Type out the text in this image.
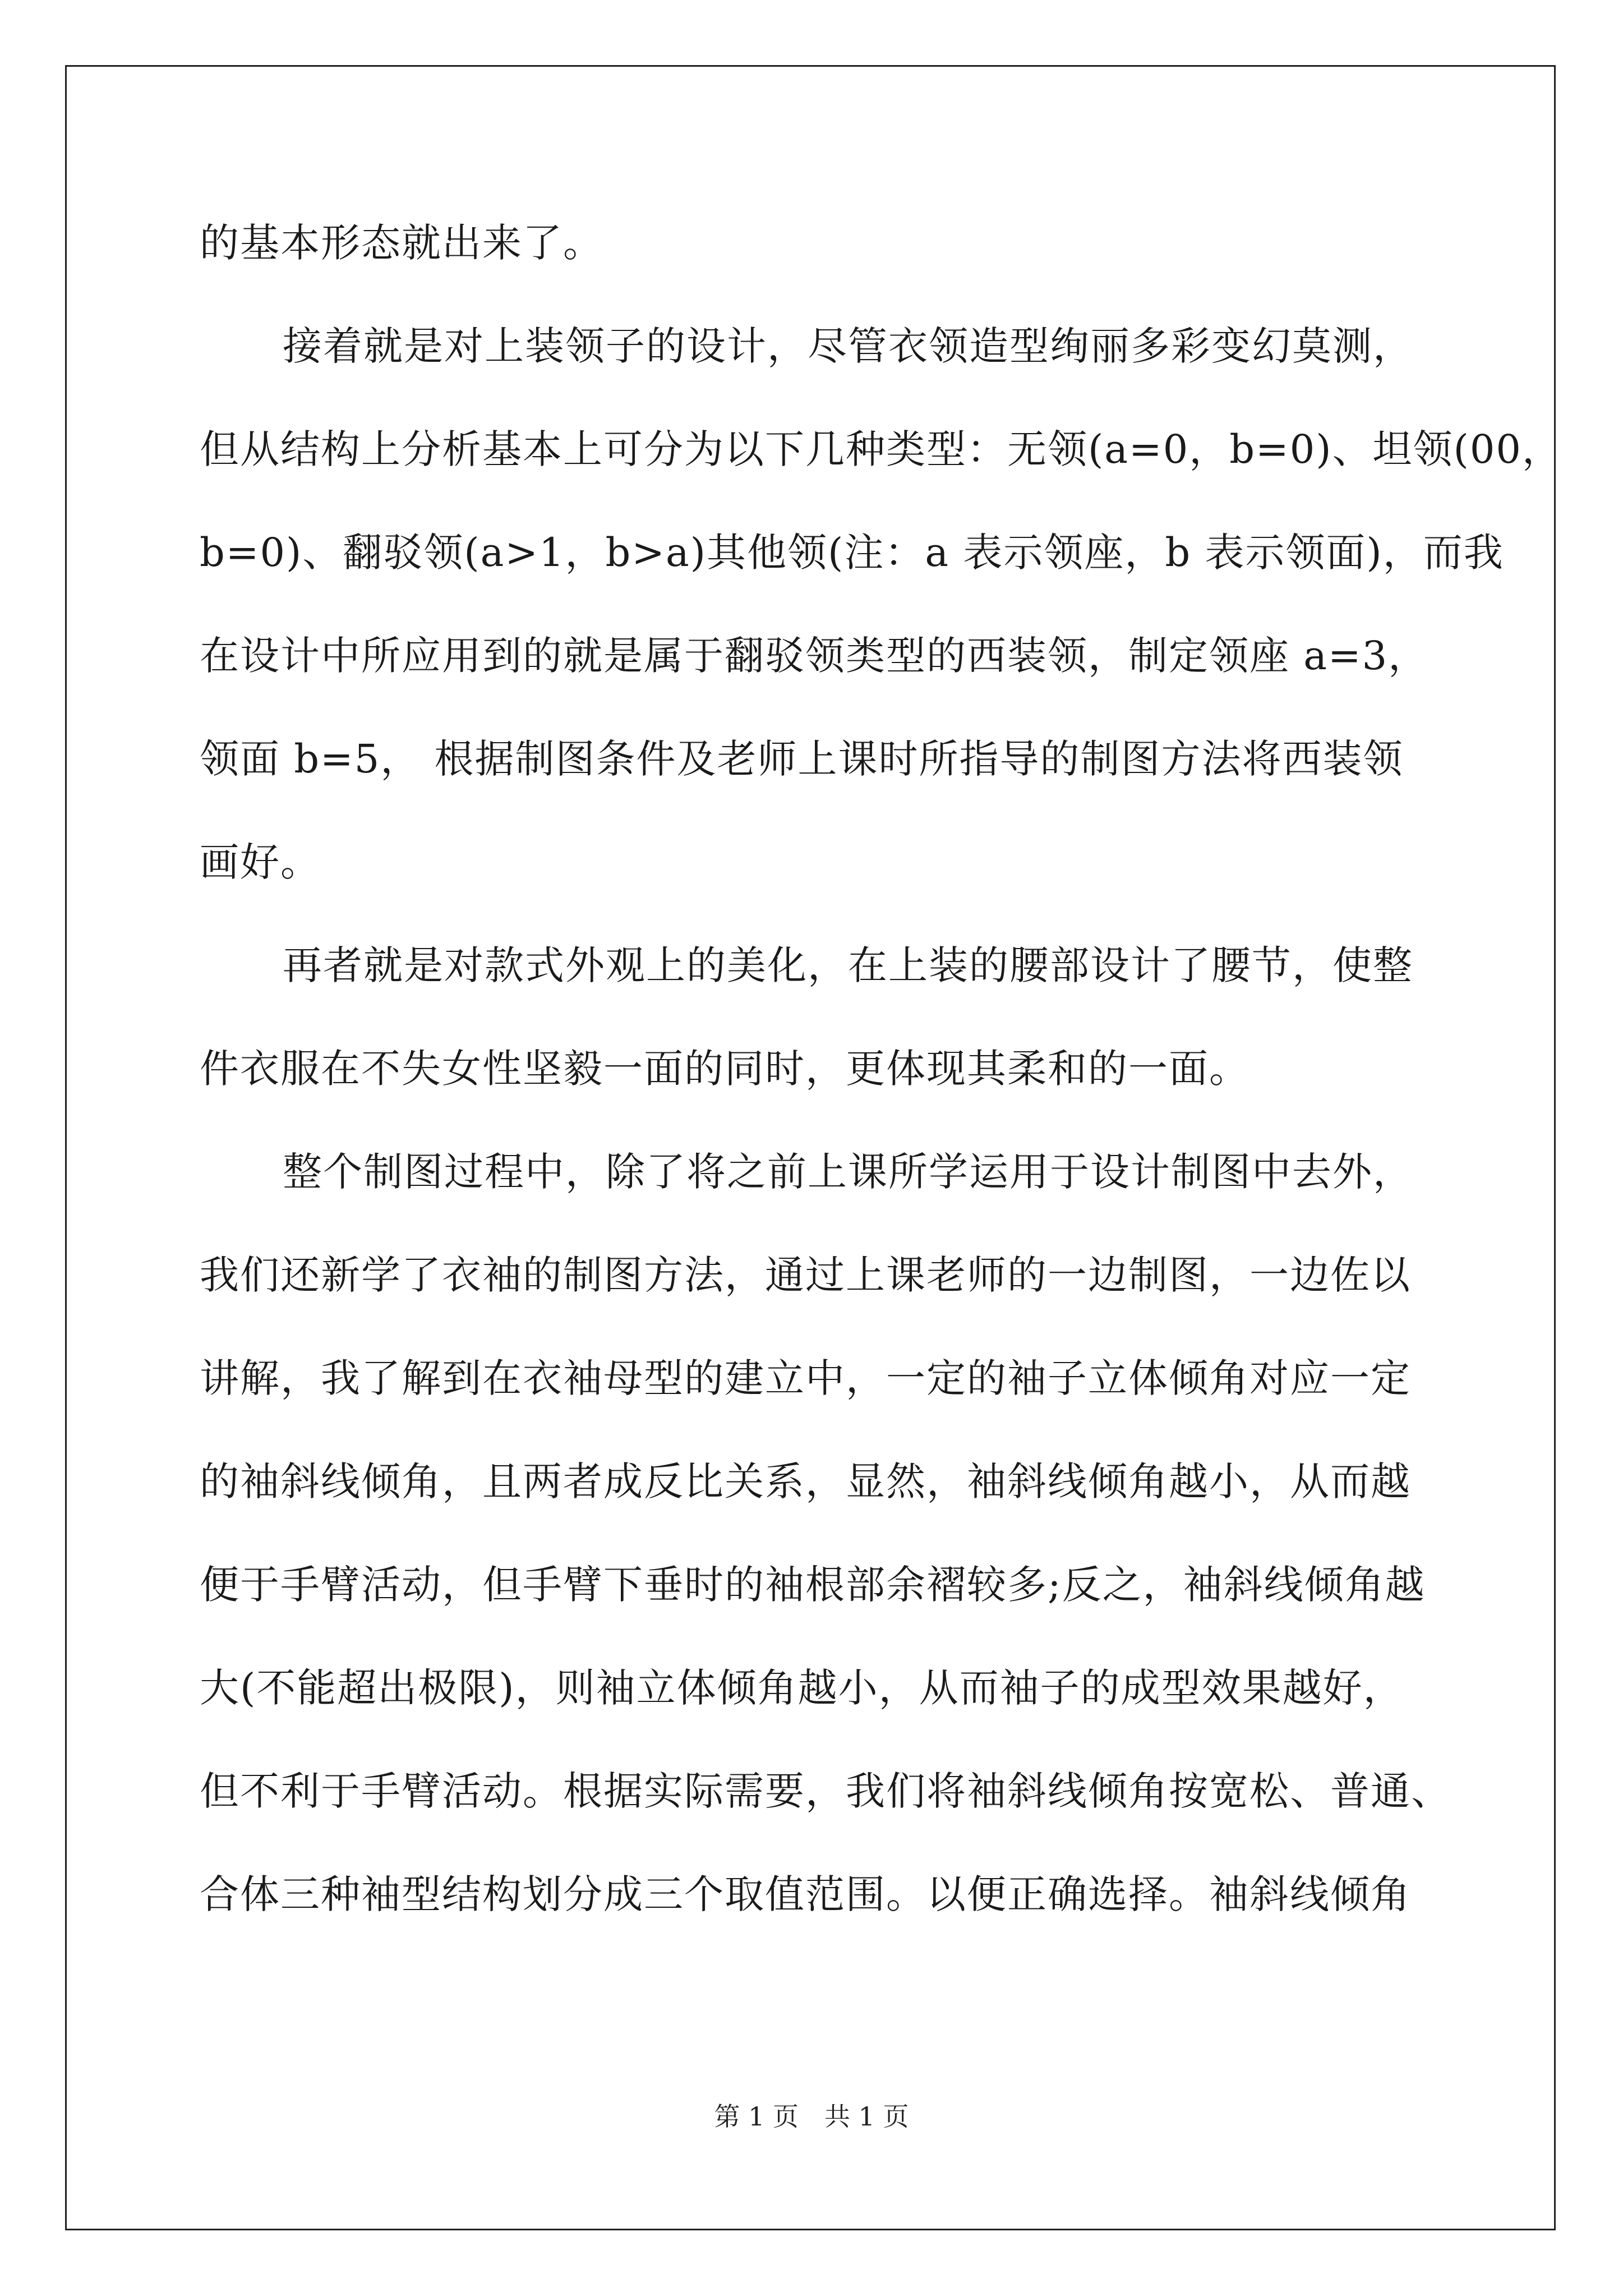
的基本形态就出来了。
接着就是对上装领子的设计，尽管衣领造型绚丽多彩变幻莫测，
但从结构上分析基本上可分为以下几种类型：无领(a=0，b=0)、坦领(00，
b=0)、翻驳领(a>1，b>a)其他领(注：a 表示领座，b 表示领面)，而我
在设计中所应用到的就是属于翻驳领类型的西装领，制定领座 a=3，
领面 b=5， 根据制图条件及老师上课时所指导的制图方法将西装领
画好。
再者就是对款式外观上的美化，在上装的腰部设计了腰节，使整
件衣服在不失女性坚毅一面的同时，更体现其柔和的一面。
整个制图过程中，除了将之前上课所学运用于设计制图中去外，
我们还新学了衣袖的制图方法，通过上课老师的一边制图，一边佐以
讲解，我了解到在衣袖母型的建立中，一定的袖子立体倾角对应一定
的袖斜线倾角，且两者成反比关系，显然，袖斜线倾角越小，从而越
便于手臂活动，但手臂下垂时的袖根部余褶较多;反之，袖斜线倾角越
大(不能超出极限)，则袖立体倾角越小，从而袖子的成型效果越好，
但不利于手臂活动。根据实际需要，我们将袖斜线倾角按宽松、普通、
合体三种袖型结构划分成三个取值范围。以便正确选择。袖斜线倾角
第 1 页　共 1 页
